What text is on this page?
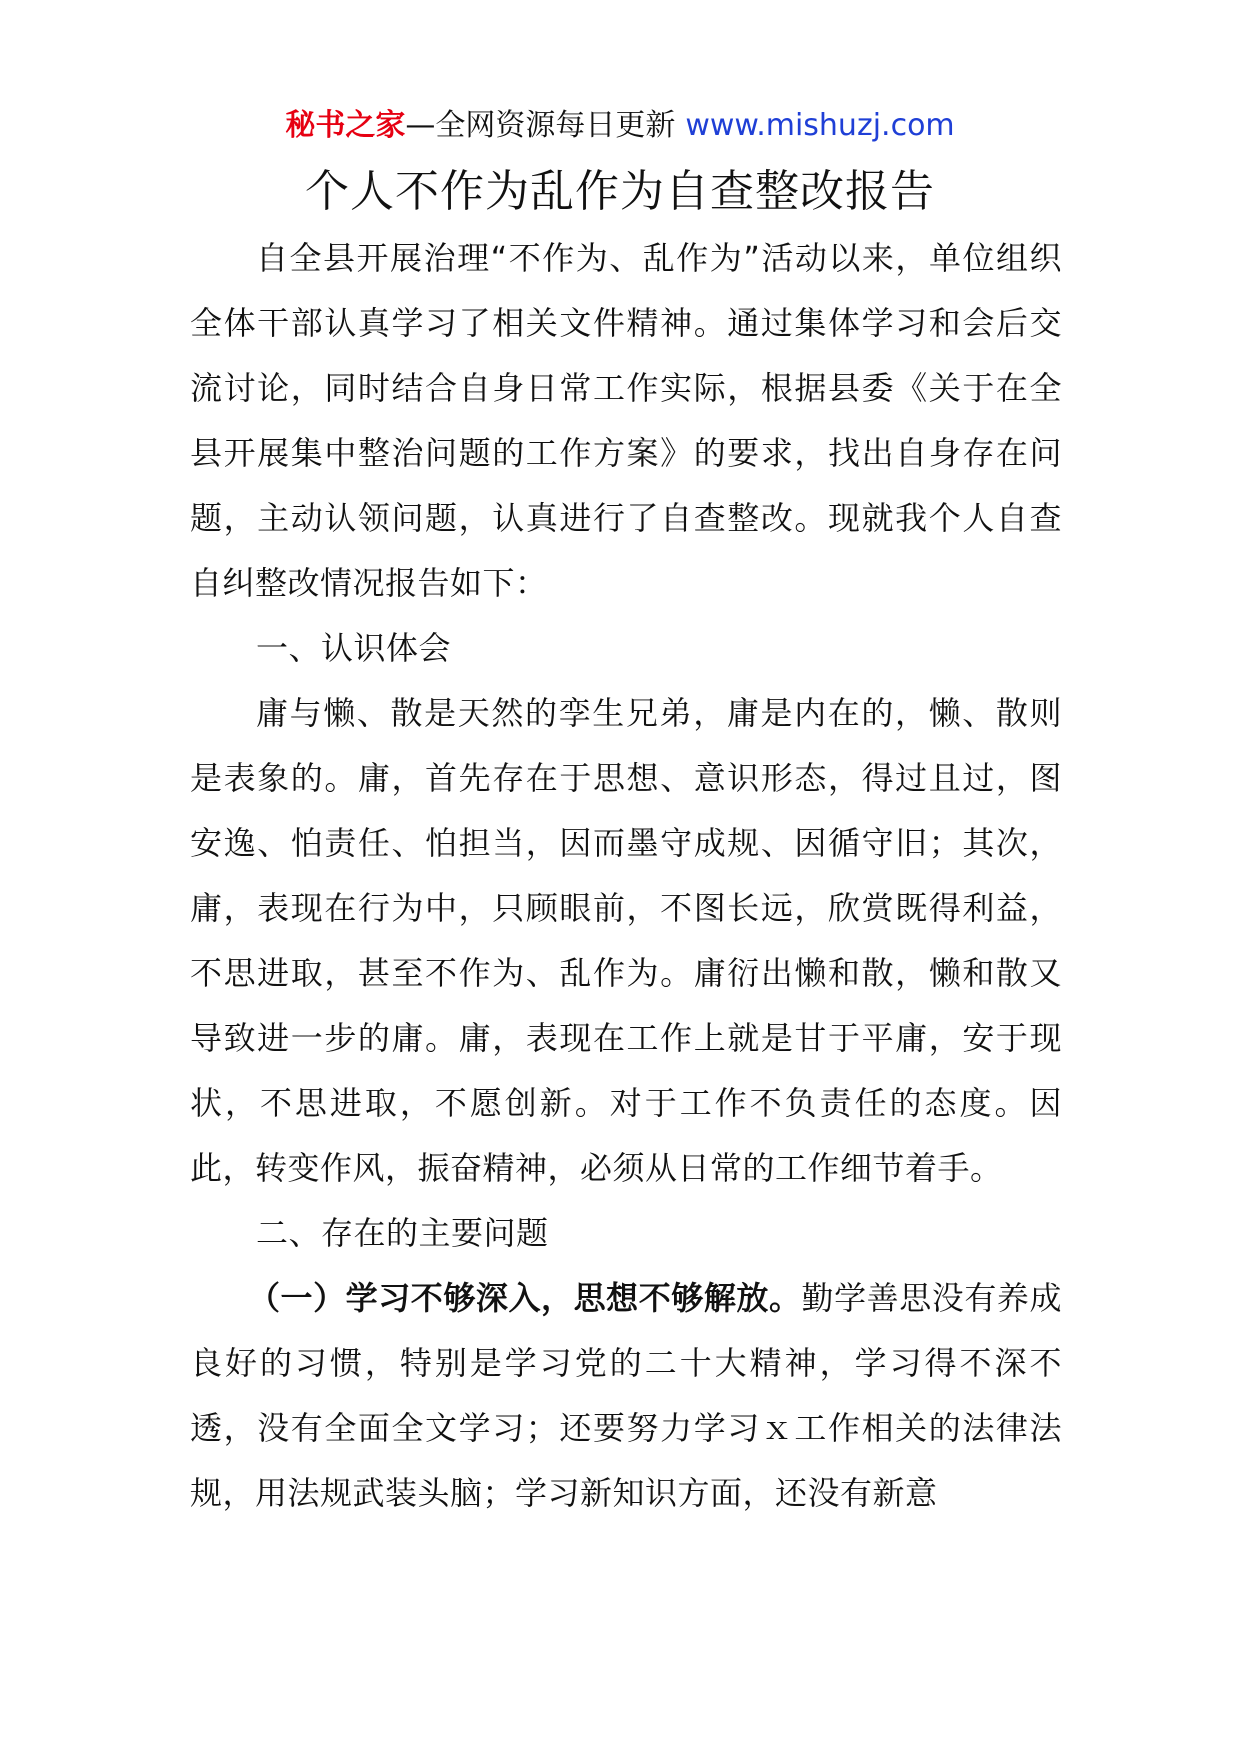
秘书之家—全网资源每日更新 www.mishuzj.com
个人不作为乱作为自查整改报告

自全县开展治理“不作为、乱作为”活动以来，单位组织全体干部认真学习了相关文件精神。通过集体学习和会后交流讨论，同时结合自身日常工作实际，根据县委《关于在全县开展集中整治问题的工作方案》的要求，找出自身存在问题，主动认领问题，认真进行了自查整改。现就我个人自查自纠整改情况报告如下：

一、认识体会

庸与懒、散是天然的孪生兄弟，庸是内在的，懒、散则是表象的。庸，首先存在于思想、意识形态，得过且过，图安逸、怕责任、怕担当，因而墨守成规、因循守旧；其次，庸，表现在行为中，只顾眼前，不图长远，欣赏既得利益，不思进取，甚至不作为、乱作为。庸衍出懒和散，懒和散又导致进一步的庸。庸，表现在工作上就是甘于平庸，安于现状，不思进取，不愿创新。对于工作不负责任的态度。因此，转变作风，振奋精神，必须从日常的工作细节着手。

二、存在的主要问题

（一）学习不够深入，思想不够解放。勤学善思没有养成良好的习惯，特别是学习党的二十大精神，学习得不深不透，没有全面全文学习；还要努力学习ｘ工作相关的法律法规，用法规武装头脑；学习新知识方面，还没有新意
